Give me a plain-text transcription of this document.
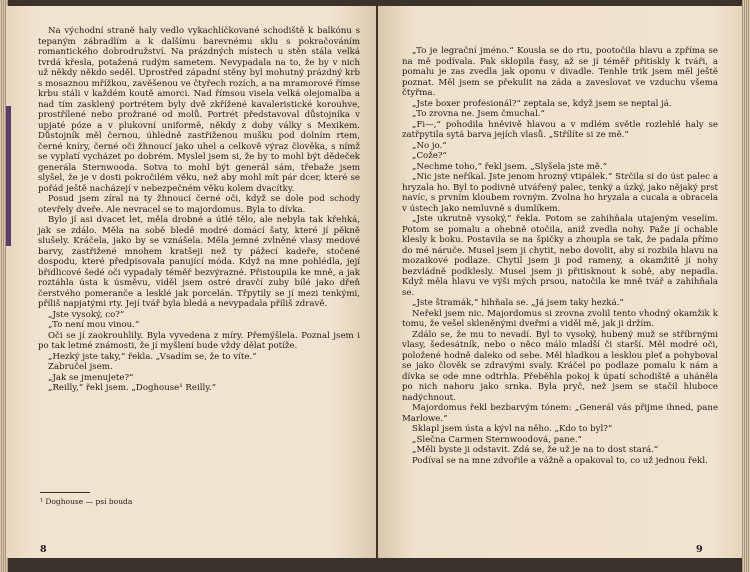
Na východní straně haly vedlo vykachlíčkované schodiště k balkónu s tepaným zábradlím a k dalšímu barevnému sklu s pokračováním romantického dobrodružství. Na prázdných místech u stěn stála velká tvrdá křesla, potažená rudým sametem. Nevypadala na to, že by v nich už někdy někdo seděl. Uprostřed západní stěny byl mohutný prázdný krb s mosaznou mřížkou, zavěšenou ve čtyřech rozích, a na mramorové římse krbu stáli v každém koutě amorci. Nad římsou visela velká olejomalba a nad tím zasklený portrétem byly dvě zkřížené kavaleristické korouhve, prostřílené nebo prožrané od molů. Portrét představoval důstojníka v upjaté póze a v plukovní uniformě, někdy z doby války s Mexikem. Důstojník měl černou, úhledně zastřiženou mušku pod dolním rtem, černé kníry, černé oči žhnoucí jako uhel a celkově výraz člověka, s nímž se vyplatí vycházet po dobrém. Myslel jsem si, že by to mohl být dědeček generála Sternwooda. Sotva to mohl být generál sám, třebaže jsem slyšel, že je v dosti pokročilém věku, než aby mohl mít pár dcer, které se pořád ještě nacházejí v nebezpečném věku kolem dvacítky.

Posud jsem zíral na ty žhnoucí černé oči, když se dole pod schody otevřely dveře. Ale nevracel se to majordomus. Byla to dívka.

Bylo jí asi dvacet let, měla drobné a útlé tělo, ale nebyla tak křehká, jak se zdálo. Měla na sobě bledě modré domácí šaty, které jí pěkně slušely. Kráčela, jako by se vznášela. Měla jemné zvlněné vlasy medové barvy, zastřižené mnohem kratšeji než ty pážecí kadeře, stočené dospodu, které předpisovala panující móda. Když na mne pohlédla, její břidlicové šedé oči vypadaly téměř bezvýrazné. Přistoupila ke mně, a jak roztáhla ústa k úsměvu, viděl jsem ostré dravčí zuby bílé jako dřeň čerstvého pomeranče a lesklé jak porcelán. Třpytily se jí mezi tenkými, příliš napjatými rty. Její tvář byla bledá a nevypadala příliš zdravě.

„Jste vysoký, co?“

„To není mou vinou.“

Oči se jí zaokrouhlily. Byla vyvedena z míry. Přemýšlela. Poznal jsem i po tak letmé známosti, že jí myšlení bude vždy dělat potíže.

„Hezký jste taky,“ řekla. „Vsadím se, že to víte.“

Zabručel jsem.

„Jak se jmenujete?“

„Reilly,“ řekl jsem. „Doghouse¹ Reilly.“

¹ Doghouse — psí bouda
8

„To je legrační jméno.“ Kousla se do rtu, pootočila hlavu a zpříma se na mě podívala. Pak sklopila řasy, až se jí téměř přitiskly k tváři, a pomalu je zas zvedla jak oponu v divadle. Tenhle trik jsem měl ještě poznat. Měl jsem se překulit na záda a zaveslovat ve vzduchu všema čtyřma.

„Jste boxer profesionál?“ zeptala se, když jsem se neptal já.

„To zrovna ne. Jsem čmuchal.“

„Fi—,“ pohodila hněvivě hlavou a v mdlém světle rozlehlé haly se zatřpytila sytá barva jejích vlasů. „Střílíte si ze mě.“

„No jo.“

„Cože?“

„Nechme toho,“ řekl jsem. „Slyšela jste mě.“

„Nic jste neříkal. Jste jenom hrozný vtipálek.“ Strčila si do úst palec a hryzala ho. Byl to podivně utvářený palec, tenký a úzký, jako nějaký prst navíc, s prvním kloubem rovným. Zvolna ho hryzala a cucala a obracela v ústech jako nemluvně s dumlíkem.

„Jste ukrutně vysoký,“ řekla. Potom se zahihňala utajeným veselím. Potom se pomalu a ohebně otočila, aniž zvedla nohy. Paže jí ochable klesly k boku. Postavila se na špičky a zhoupla se tak, že padala přímo do mé náruče. Musel jsem ji chytit, nebo dovolit, aby si rozbila hlavu na mozaikové podlaze. Chytil jsem ji pod rameny, a okamžitě jí nohy bezvládně podklesly. Musel jsem ji přitisknout k sobě, aby nepadla. Když měla hlavu ve výši mých prsou, natočila ke mně tvář a zahihňala se.

„Jste štramák,“ hihňala se. „Já jsem taky hezká.“

Neřekl jsem nic. Majordomus si zrovna zvolil tento vhodný okamžik k tomu, že vešel skleněnými dveřmi a viděl mě, jak ji držím.

Zdálo se, že mu to nevadí. Byl to vysoký, hubený muž se stříbrnými vlasy, šedesátník, nebo o něco málo mladší či starší. Měl modré oči, položené hodně daleko od sebe. Měl hladkou a lesklou pleť a pohyboval se jako člověk se zdravými svaly. Kráčel po podlaze pomalu k nám a dívka se ode mne odtrhla. Přeběhla pokoj k úpatí schodiště a uháněla po nich nahoru jako srnka. Byla pryč, než jsem se stačil hluboce nadýchnout.

Majordomus řekl bezbarvým tónem: „Generál vás přijme ihned, pane Marlowe.“

Sklapl jsem ústa a kývl na něho. „Kdo to byl?“

„Slečna Carmen Sternwoodová, pane.“

„Měli byste ji odstavit. Zdá se, že už je na to dost stará.“

Podíval se na mne zdvořile a vážně a opakoval to, co už jednou řekl.

9
